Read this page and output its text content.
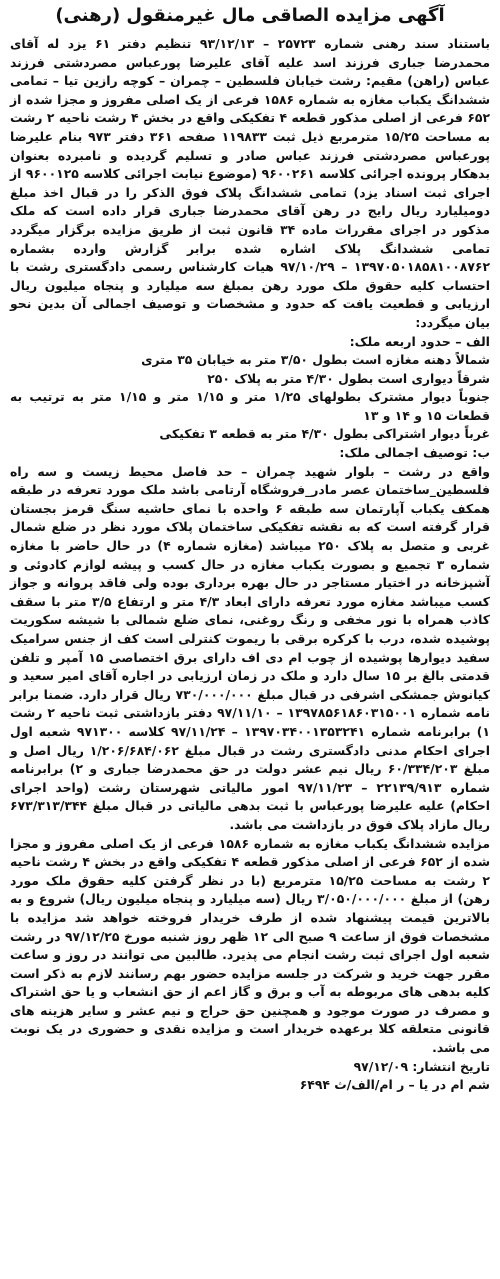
آگهی مزایده الصاقی مال غیرمنقول (رهنی)
باستناد سند رهنی شماره ۲۵۷۲۳ – ۹۳/۱۲/۱۳ تنظیم دفتر ۶۱ یزد له آقای محمدرضا جباری فرزند اسد علیه آقای علیرضا پورعباس مصردشتی فرزند عباس (راهن) مقیم: رشت خیابان فلسطین – چمران – کوچه رازین تیا – تمامی ششدانگ یکباب مغازه به شماره ۱۵۸۶ فرعی از یک اصلی مفروز و مجزا شده از ۶۵۲ فرعی از اصلی مذکور قطعه ۴ تفکیکی واقع در بخش ۴ رشت ناحیه ۲ رشت به مساحت ۱۵/۲۵ مترمربع ذیل ثبت ۱۱۹۸۳۳ صفحه ۳۶۱ دفتر ۹۷۳ بنام علیرضا پورعباس مصردشتی فرزند عباس صادر و تسلیم گردیده و نامبرده بعنوان بدهکار پرونده اجرائی کلاسه ۹۶۰۰۲۶۱ (موضوع نیابت اجرائی کلاسه ۹۶۰۰۱۲۵ از اجرای ثبت اسناد یزد) تمامی ششدانگ پلاک فوق الذکر را در قبال اخذ مبلغ دومیلیارد ریال رایج در رهن آقای محمدرضا جباری قرار داده است که ملک مذکور در اجرای مقررات ماده ۳۴ قانون ثبت از طریق مزایده برگزار میگردد تمامی ششدانگ پلاک اشاره شده برابر گزارش وارده بشماره ۱۳۹۷۰۵۰۱۸۵۸۱۰۰۸۷۶۲ – ۹۷/۱۰/۲۹ هیات کارشناس رسمی دادگستری رشت با احتساب کلیه حقوق ملک مورد رهن بمبلغ سه میلیارد و پنجاه میلیون ریال ارزیابی و قطعیت یافت که حدود و مشخصات و توصیف اجمالی آن بدین نحو بیان میگردد:
الف – حدود اربعه ملک:
شمالاً دهنه مغازه است بطول ۳/۵۰ متر به خیابان ۳۵ متری
شرقاً دیواری است بطول ۴/۳۰ متر به پلاک ۲۵۰
جنوباً دیوار مشترک بطولهای ۱/۲۵ متر و ۱/۱۵ متر و ۱/۱۵ متر به ترتیب به قطعات ۱۵ و ۱۴ و ۱۳
غرباً دیوار اشتراکی بطول ۴/۳۰ متر به قطعه ۳ تفکیکی
ب: توصیف اجمالی ملک:
واقع در رشت – بلوار شهید چمران – حد فاصل محیط زیست و سه راه فلسطین_ساختمان عصر مادر_فروشگاه آرتامی باشد ملک مورد تعرفه در طبقه همکف یکباب آپارتمان سه طبقه ۶ واحده با نمای حاشیه سنگ قرمز بجستان قرار گرفته است که به نقشه تفکیکی ساختمان پلاک مورد نظر در ضلع شمال غربی و متصل به پلاک ۲۵۰ میباشد (مغازه شماره ۴) در حال حاضر با مغازه شماره ۳ تجمیع و بصورت یکباب مغازه در حال کسب و پیشه لوازم کادوئی و آشپزخانه در اختیار مستاجر در حال بهره برداری بوده ولی فاقد پروانه و جواز کسب میباشد مغازه مورد تعرفه دارای ابعاد ۴/۳ متر و ارتفاع ۳/۵ متر با سقف کاذب همراه با نور مخفی و رنگ روغنی، نمای ضلع شمالی با شیشه سکوریت پوشیده شده، درب با کرکره برقی با ریموت کنترلی است کف از جنس سرامیک سفید دیوارها پوشیده از چوب ام دی اف دارای برق اختصاصی ۱۵ آمپر و تلفن قدمتی بالغ بر ۱۵ سال دارد و ملک در زمان ارزیابی در اجاره آقای امیر سعید و کیانوش جمشکی اشرفی در قبال مبلغ ۷۳۰/۰۰۰/۰۰۰ ریال قرار دارد. ضمنا برابر نامه شماره ۱۳۹۷۸۵۶۱۸۶۰۳۱۵۰۰۱ – ۹۷/۱۱/۱۰ دفتر بازداشتی ثبت ناحیه ۲ رشت ۱) برابرنامه شماره ۱۳۹۷۰۳۴۰۰۱۳۵۳۲۴۱ – ۹۷/۱۱/۲۴ کلاسه ۹۷۱۳۰۰ شعبه اول اجرای احکام مدنی دادگستری رشت در قبال مبلغ ۱/۲۰۶/۶۸۴/۰۶۲ ریال اصل و مبلغ ۶۰/۳۳۴/۲۰۳ ریال نیم عشر دولت در حق محمدرضا جباری و ۲) برابرنامه شماره ۲۲۱۳۹/۹۱۳ – ۹۷/۱۱/۲۳ امور مالیاتی شهرستان رشت (واحد اجرای احکام) علیه علیرضا پورعباس با ثبت بدهی مالیاتی در قبال مبلغ ۶۷۳/۳۱۳/۳۴۴ ریال مازاد پلاک فوق در بازداشت می باشد.
مزایده ششدانگ یکباب مغازه به شماره ۱۵۸۶ فرعی از یک اصلی مفروز و مجزا شده از ۶۵۲ فرعی از اصلی مذکور قطعه ۴ تفکیکی واقع در بخش ۴ رشت ناحیه ۲ رشت به مساحت ۱۵/۲۵ مترمربع (با در نظر گرفتن کلیه حقوق ملک مورد رهن) از مبلغ ۳/۰۵۰/۰۰۰/۰۰۰ ریال (سه میلیارد و پنجاه میلیون ریال) شروع و به بالاترین قیمت پیشنهاد شده از طرف خریدار فروخته خواهد شد مزایده با مشخصات فوق از ساعت ۹ صبح الی ۱۲ ظهر روز شنبه مورخ ۹۷/۱۲/۲۵ در رشت شعبه اول اجرای ثبت رشت انجام می پذیرد. طالبین می توانند در روز و ساعت مقرر جهت خرید و شرکت در جلسه مزایده حضور بهم رسانند لازم به ذکر است کلیه بدهی های مربوطه به آب و برق و گاز اعم از حق انشعاب و یا حق اشتراک و مصرف در صورت موجود و همچنین حق حراج و نیم عشر و سایر هزینه های قانونی متعلقه کلا برعهده خریدار است و مزایده نقدی و حضوری در یک نوبت می باشد.
تاریخ انتشار: ۹۷/۱۲/۰۹
شم ام در یا – ر ام/الف/ث ۶۴۹۴
